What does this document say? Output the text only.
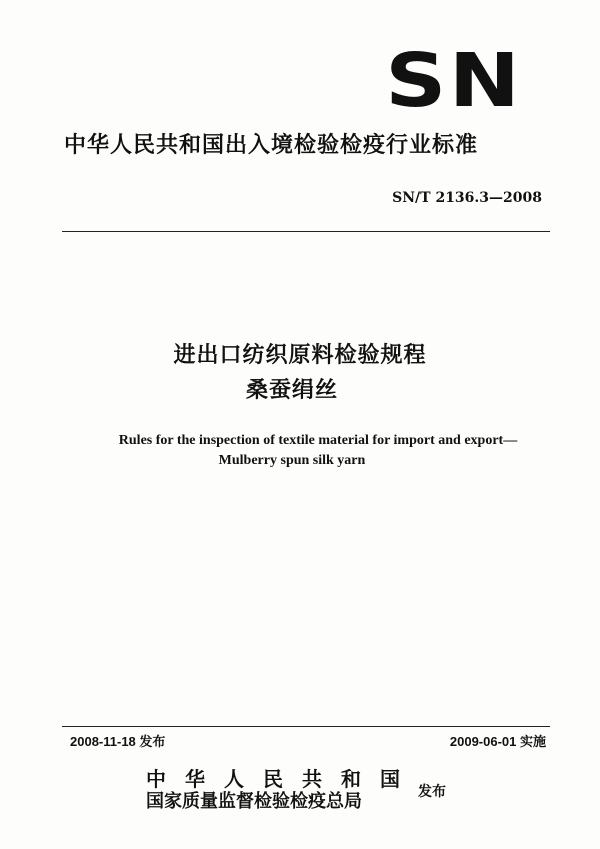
SN
中华人民共和国出入境检验检疫行业标准
SN/T 2136.3—2008
进出口纺织原料检验规程
桑蚕绢丝
Rules for the inspection of textile material for import and export—
Mulberry spun silk yarn
2008-11-18 发布	2009-06-01 实施
中华人民共和国
国家质量监督检验检疫总局	发布
